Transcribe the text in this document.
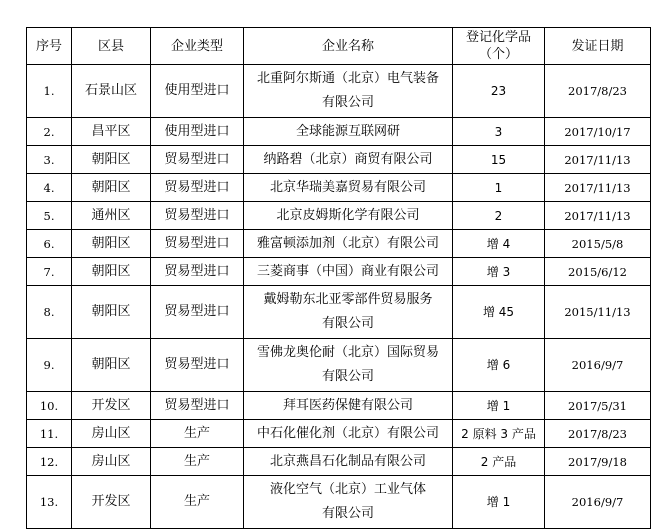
序号	区县	企业类型	企业名称	登记化学品
（个）	发证日期
1.	石景山区	使用型进口	北重阿尔斯通（北京）电气装备
有限公司	23	2017/8/23
2.	昌平区	使用型进口	全球能源互联网研	3	2017/10/17
3.	朝阳区	贸易型进口	纳路碧（北京）商贸有限公司	15	2017/11/13
4.	朝阳区	贸易型进口	北京华瑞美嘉贸易有限公司	1	2017/11/13
5.	通州区	贸易型进口	北京皮姆斯化学有限公司	2	2017/11/13
6.	朝阳区	贸易型进口	雅富顿添加剂（北京）有限公司	增 4	2015/5/8
7.	朝阳区	贸易型进口	三菱商事（中国）商业有限公司	增 3	2015/6/12
8.	朝阳区	贸易型进口	戴姆勒东北亚零部件贸易服务
有限公司	增 45	2015/11/13
9.	朝阳区	贸易型进口	雪佛龙奥伦耐（北京）国际贸易
有限公司	增 6	2016/9/7
10.	开发区	贸易型进口	拜耳医药保健有限公司	增 1	2017/5/31
11.	房山区	生产	中石化催化剂（北京）有限公司	2 原料 3 产品	2017/8/23
12.	房山区	生产	北京燕昌石化制品有限公司	2 产品	2017/9/18
13.	开发区	生产	液化空气（北京）工业气体
有限公司	增 1	2016/9/7
